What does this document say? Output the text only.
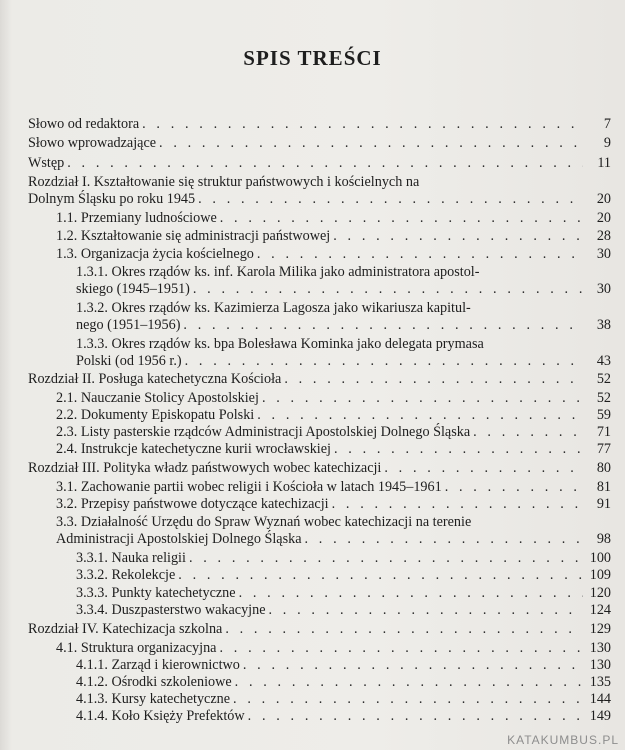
SPIS TREŚCI
Słowo od redaktora . . .	7
Słowo wprowadzające . . .	9
Wstęp . . .	11
Rozdział I. Kształtowanie się struktur państwowych i kościelnych na
Dolnym Śląsku po roku 1945 . . .	20
1.1. Przemiany ludnościowe . . .	20
1.2. Kształtowanie się administracji państwowej . . .	28
1.3. Organizacja życia kościelnego . . .	30
1.3.1. Okres rządów ks. inf. Karola Milika jako administratora apostol-
skiego (1945–1951) . . .	30
1.3.2. Okres rządów ks. Kazimierza Lagosza jako wikariusza kapitul-
nego (1951–1956) . . .	38
1.3.3. Okres rządów ks. bpa Bolesława Kominka jako delegata prymasa
Polski (od 1956 r.) . . .	43
Rozdział II. Posługa katechetyczna Kościoła . . .	52
2.1. Nauczanie Stolicy Apostolskiej . . .	52
2.2. Dokumenty Episkopatu Polski . . .	59
2.3. Listy pasterskie rządców Administracji Apostolskiej Dolnego Śląska . . .	71
2.4. Instrukcje katechetyczne kurii wrocławskiej . . .	77
Rozdział III. Polityka władz państwowych wobec katechizacji . . .	80
3.1. Zachowanie partii wobec religii i Kościoła w latach 1945–1961 . . .	81
3.2. Przepisy państwowe dotyczące katechizacji . . .	91
3.3. Działalność Urzędu do Spraw Wyznań wobec katechizacji na terenie
Administracji Apostolskiej Dolnego Śląska . . .	98
3.3.1. Nauka religii . . .	100
3.3.2. Rekolekcje . . .	109
3.3.3. Punkty katechetyczne . . .	120
3.3.4. Duszpasterstwo wakacyjne . . .	124
Rozdział IV. Katechizacja szkolna . . .	129
4.1. Struktura organizacyjna . . .	130
4.1.1. Zarząd i kierownictwo . . .	130
4.1.2. Ośrodki szkoleniowe . . .	135
4.1.3. Kursy katechetyczne . . .	144
4.1.4. Koło Księży Prefektów . . .	149
KATAKUMBUS.PL
